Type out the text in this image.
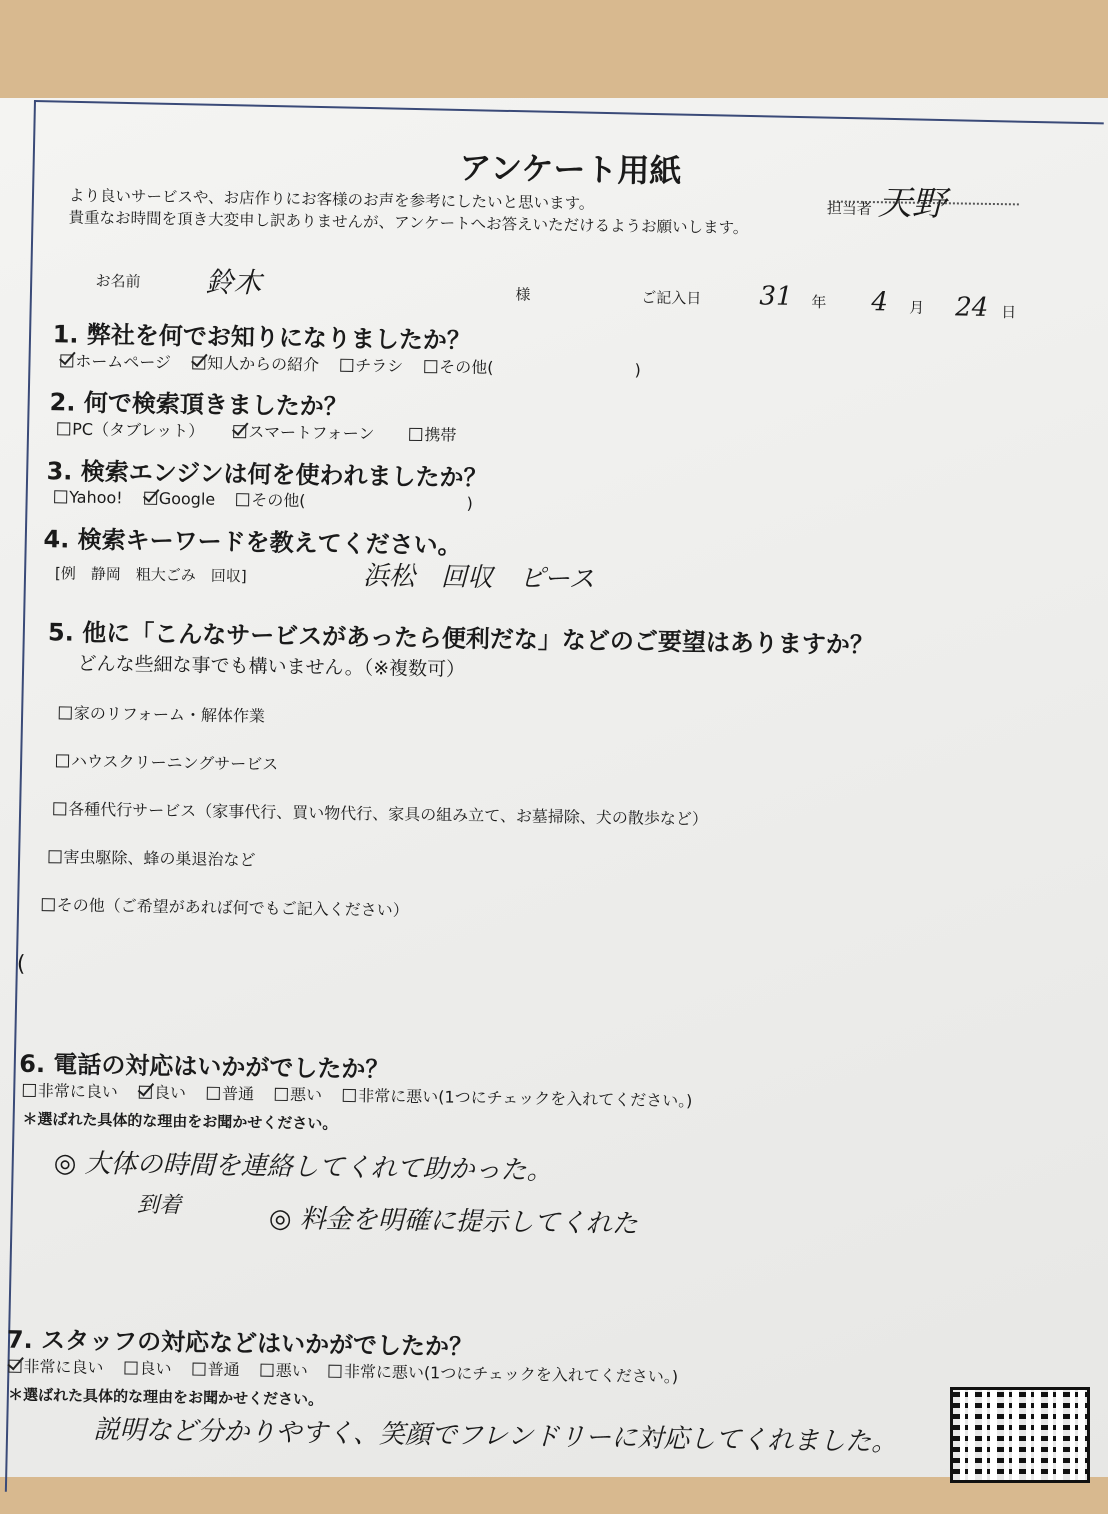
アンケート用紙
担当者 天野
より良いサービスや、お店作りにお客様のお声を参考にしたいと思います。
貴重なお時間を頂き大変申し訳ありませんが、アンケートへお答えいただけるようお願いします。
お名前 鈴木	様	ご記入日 31 年 4 月 24 日
1. 弊社を何でお知りになりましたか？
ホームページ 知人からの紹介 チラシ その他(	)
2. 何で検索頂きましたか？
PC（タブレット）	スマートフォーン	携帯
3. 検索エンジンは何を使われましたか？
Yahoo! Google その他(	)
4. 検索キーワードを教えてください。
[例　静岡　粗大ごみ　回収]	浜松　回収　ピース
5. 他に「こんなサービスがあったら便利だな」などのご要望はありますか？
どんな些細な事でも構いません。（※複数可）
家のリフォーム・解体作業
ハウスクリーニングサービス
各種代行サービス（家事代行、買い物代行、家具の組み立て、お墓掃除、犬の散歩など）
害虫駆除、蜂の巣退治など
その他（ご希望があれば何でもご記入ください）
(
6. 電話の対応はいかがでしたか？
非常に良い 良い 普通 悪い 非常に悪い(1つにチェックを入れてください。)
＊選ばれた具体的な理由をお聞かせください。
◎ 大体の時間を連絡してくれて助かった。
到着	◎ 料金を明確に提示してくれた
7. スタッフの対応などはいかがでしたか？
非常に良い 良い 普通 悪い 非常に悪い(1つにチェックを入れてください。)
＊選ばれた具体的な理由をお聞かせください。
説明など分かりやすく、笑顔でフレンドリーに対応してくれました。
